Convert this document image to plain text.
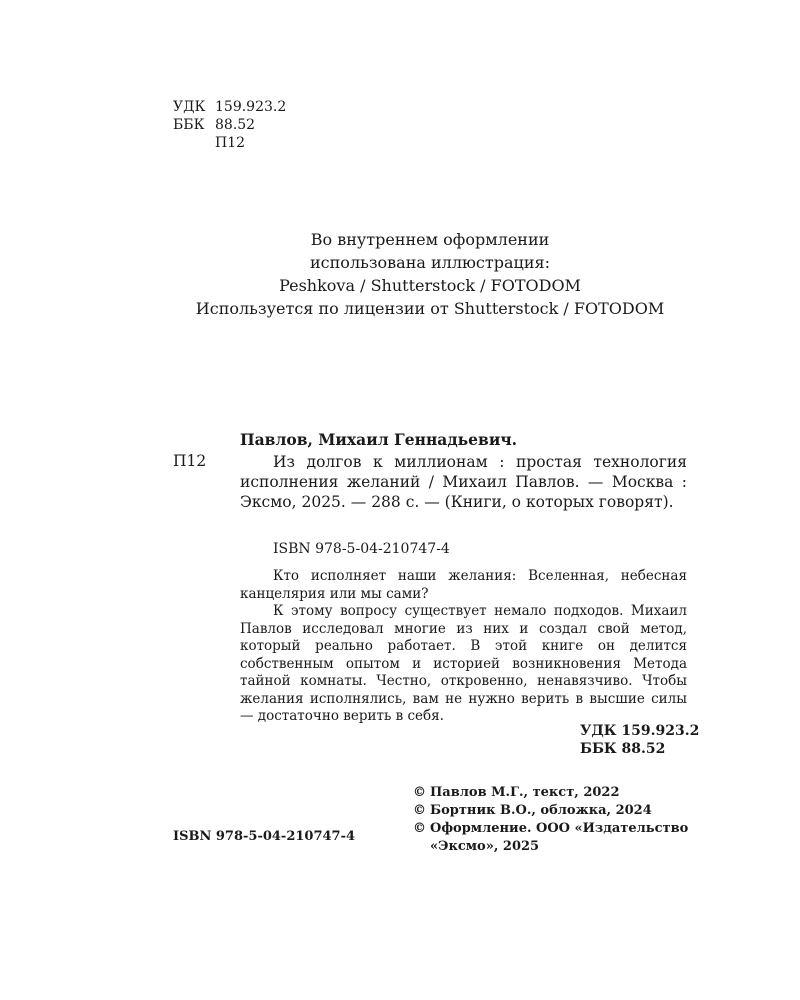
УДК 159.923.2
ББК 88.52
П12
Во внутреннем оформлении
использована иллюстрация:
Peshkova / Shutterstock / FOTODOM
Используется по лицензии от Shutterstock / FOTODOM
Павлов, Михаил Геннадьевич.
П12	Из долгов к миллионам : простая технология исполнения желаний / Михаил Павлов. — Москва : Эксмо, 2025. — 288 с. — (Книги, о которых говорят).
ISBN 978-5-04-210747-4

Кто исполняет наши желания: Вселенная, небесная канцелярия или мы сами?

К этому вопросу существует немало подходов. Михаил Павлов исследовал многие из них и создал свой метод, который реально работает. В этой книге он делится собственным опытом и историей возникновения Метода тайной комнаты. Честно, откровенно, ненавязчиво. Чтобы желания исполнялись, вам не нужно верить в высшие силы — достаточно верить в себя.

УДК 159.923.2
ББК 88.52
© Павлов М.Г., текст, 2022
© Бортник В.О., обложка, 2024
© Оформление. ООО «Издательство
«Эксмо», 2025
ISBN 978-5-04-210747-4
